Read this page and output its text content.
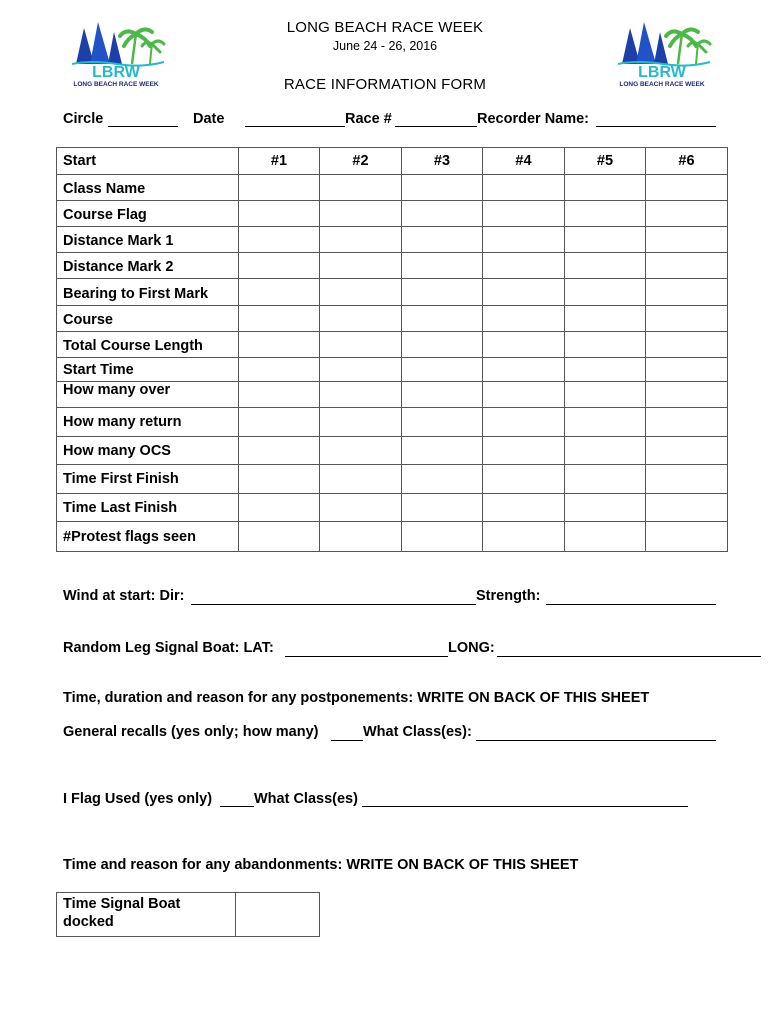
LBRW
LONG BEACH RACE WEEK
LBRW
LONG BEACH RACE WEEK
LONG BEACH RACE WEEK
June 24 - 26, 2016
RACE INFORMATION FORM
Circle	Date	Race #	Recorder Name:
Start	#1	#2	#3	#4	#5	#6
Class Name						
Course Flag						
Distance Mark 1						
Distance Mark 2						
Bearing to First Mark						
Course						
Total Course Length						
Start Time						
How many over						
How many return						
How many OCS						
Time First Finish						
Time Last Finish						
#Protest flags seen						
Wind at start: Dir:	Strength:
Random Leg Signal Boat: LAT:	LONG:
Time, duration and reason for any postponements: WRITE ON BACK OF THIS SHEET
General recalls (yes only; how many)	What Class(es):
I Flag Used (yes only)	What Class(es)
Time and reason for any abandonments: WRITE ON BACK OF THIS SHEET
Time Signal Boat
docked
